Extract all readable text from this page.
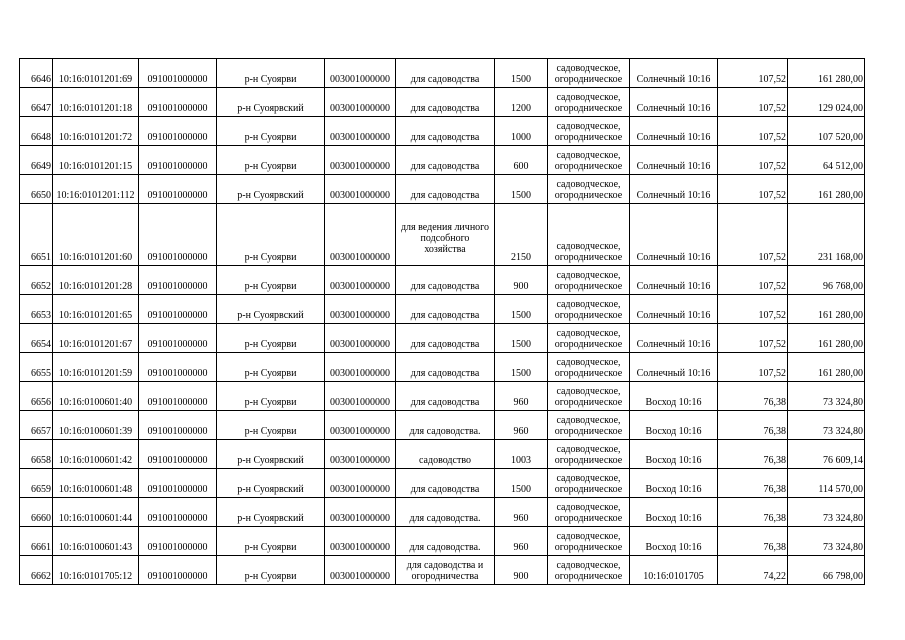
6646	10:16:0101201:69	091001000000	р-н Суоярви	003001000000	для садоводства	1500	садоводческое,
огородническое	Солнечный 10:16	107,52	161 280,00
6647	10:16:0101201:18	091001000000	р-н Суоярвский	003001000000	для садоводства	1200	садоводческое,
огородническое	Солнечный 10:16	107,52	129 024,00
6648	10:16:0101201:72	091001000000	р-н Суоярви	003001000000	для садоводства	1000	садоводческое,
огородническое	Солнечный 10:16	107,52	107 520,00
6649	10:16:0101201:15	091001000000	р-н Суоярви	003001000000	для садоводства	600	садоводческое,
огородническое	Солнечный 10:16	107,52	64 512,00
6650	10:16:0101201:112	091001000000	р-н Суоярвский	003001000000	для садоводства	1500	садоводческое,
огородническое	Солнечный 10:16	107,52	161 280,00
6651	10:16:0101201:60	091001000000	р-н Суоярви	003001000000	для ведения личного
подсобного
хозяйства	2150	садоводческое,
огородническое	Солнечный 10:16	107,52	231 168,00
6652	10:16:0101201:28	091001000000	р-н Суоярви	003001000000	для садоводства	900	садоводческое,
огородническое	Солнечный 10:16	107,52	96 768,00
6653	10:16:0101201:65	091001000000	р-н Суоярвский	003001000000	для садоводства	1500	садоводческое,
огородническое	Солнечный 10:16	107,52	161 280,00
6654	10:16:0101201:67	091001000000	р-н Суоярви	003001000000	для садоводства	1500	садоводческое,
огородническое	Солнечный 10:16	107,52	161 280,00
6655	10:16:0101201:59	091001000000	р-н Суоярви	003001000000	для садоводства	1500	садоводческое,
огородническое	Солнечный 10:16	107,52	161 280,00
6656	10:16:0100601:40	091001000000	р-н Суоярви	003001000000	для садоводства	960	садоводческое,
огородническое	Восход 10:16	76,38	73 324,80
6657	10:16:0100601:39	091001000000	р-н Суоярви	003001000000	для садоводства.	960	садоводческое,
огородническое	Восход 10:16	76,38	73 324,80
6658	10:16:0100601:42	091001000000	р-н Суоярвский	003001000000	садоводство	1003	садоводческое,
огородническое	Восход 10:16	76,38	76 609,14
6659	10:16:0100601:48	091001000000	р-н Суоярвский	003001000000	для садоводства	1500	садоводческое,
огородническое	Восход 10:16	76,38	114 570,00
6660	10:16:0100601:44	091001000000	р-н Суоярвский	003001000000	для садоводства.	960	садоводческое,
огородническое	Восход 10:16	76,38	73 324,80
6661	10:16:0100601:43	091001000000	р-н Суоярви	003001000000	для садоводства.	960	садоводческое,
огородническое	Восход 10:16	76,38	73 324,80
6662	10:16:0101705:12	091001000000	р-н Суоярви	003001000000	для садоводства и
огородничества	900	садоводческое,
огородническое	10:16:0101705	74,22	66 798,00
